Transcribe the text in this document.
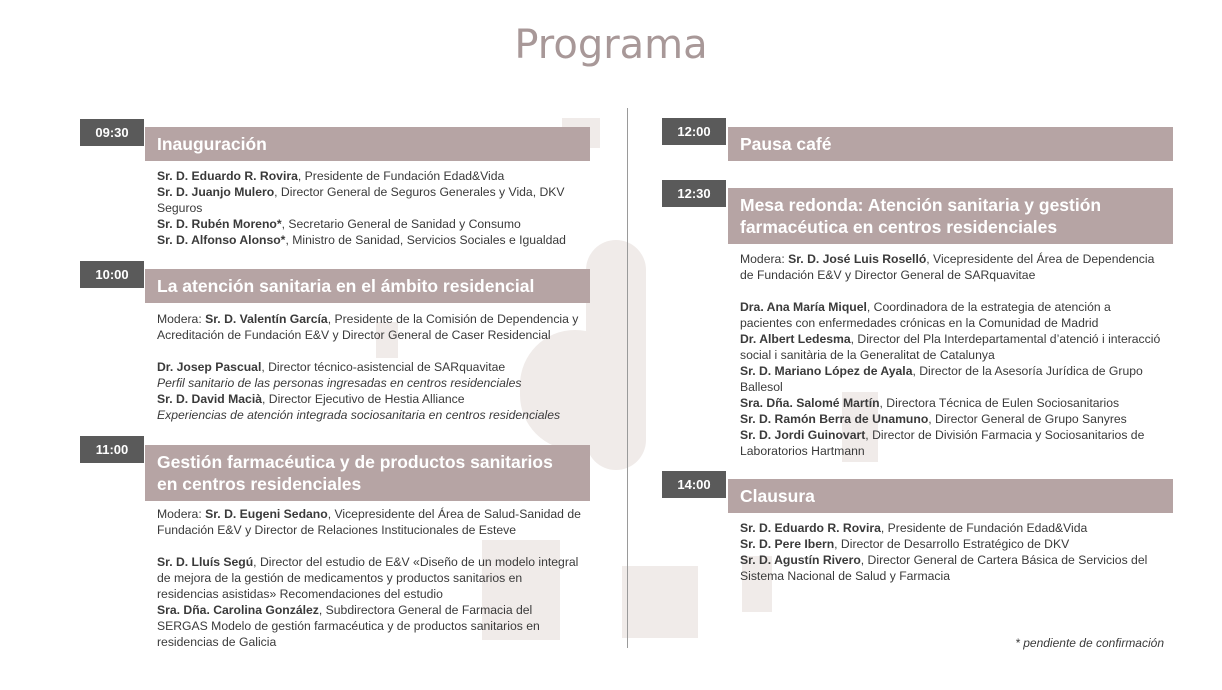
Programa
09:30
Inauguración

Sr. D. Eduardo R. Rovira, Presidente de Fundación Edad&Vida

Sr. D. Juanjo Mulero, Director General de Seguros Generales y Vida, DKV Seguros

Sr. D. Rubén Moreno*, Secretario General de Sanidad y Consumo

Sr. D. Alfonso Alonso*, Ministro de Sanidad, Servicios Sociales e Igualdad

10:00
La atención sanitaria en el ámbito residencial

Modera: Sr. D. Valentín García, Presidente de la Comisión de Dependencia y Acreditación de Fundación E&V y Director General de Caser Residencial

Dr. Josep Pascual, Director técnico-asistencial de SARquavitae

Perfil sanitario de las personas ingresadas en centros residenciales

Sr. D. David Macià, Director Ejecutivo de Hestia Alliance

Experiencias de atención integrada sociosanitaria en centros residenciales

11:00
Gestión farmacéutica y de productos sanitarios
en centros residenciales

Modera: Sr. D. Eugeni Sedano, Vicepresidente del Área de Salud-Sanidad de Fundación E&V y Director de Relaciones Institucionales de Esteve

Sr. D. Lluís Segú, Director del estudio de E&V «Diseño de un modelo integral de mejora de la gestión de medicamentos y productos sanitarios en residencias asistidas» Recomendaciones del estudio

Sra. Dña. Carolina González, Subdirectora General de Farmacia del SERGAS Modelo de gestión farmacéutica y de productos sanitarios en residencias de Galicia

12:00
Pausa café
12:30
Mesa redonda: Atención sanitaria y gestión
farmacéutica en centros residenciales

Modera: Sr. D. José Luis Roselló, Vicepresidente del Área de Dependencia de Fundación E&V y Director General de SARquavitae

Dra. Ana María Miquel, Coordinadora de la estrategia de atención a pacientes con enfermedades crónicas en la Comunidad de Madrid

Dr. Albert Ledesma, Director del Pla Interdepartamental d’atenció i interacció social i sanitària de la Generalitat de Catalunya

Sr. D. Mariano López de Ayala, Director de la Asesoría Jurídica de Grupo Ballesol

Sra. Dña. Salomé Martín, Directora Técnica de Eulen Sociosanitarios

Sr. D. Ramón Berra de Unamuno, Director General de Grupo Sanyres

Sr. D. Jordi Guinovart, Director de División Farmacia y Sociosanitarios de Laboratorios Hartmann

14:00
Clausura

Sr. D. Eduardo R. Rovira, Presidente de Fundación Edad&Vida

Sr. D. Pere Ibern, Director de Desarrollo Estratégico de DKV

Sr. D. Agustín Rivero, Director General de Cartera Básica de Servicios del Sistema Nacional de Salud y Farmacia

* pendiente de confirmación
